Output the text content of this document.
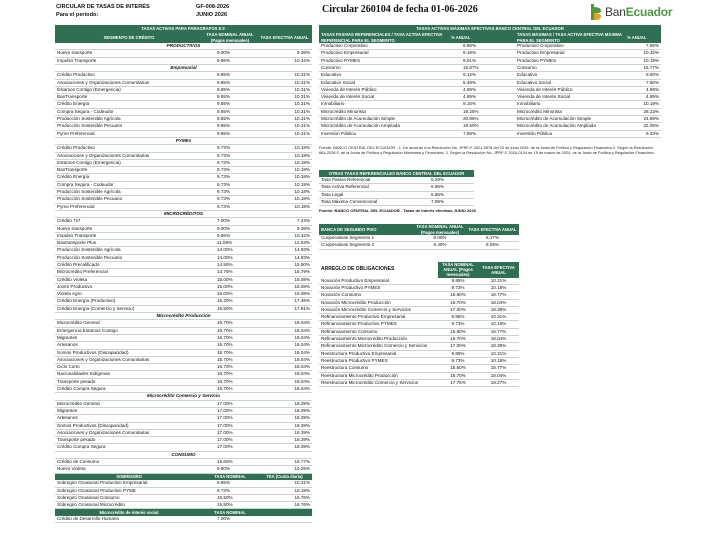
CIRCULAR DE TASAS DE INTERÉS	GF-008-2026
Para el período:	JUNIO 2026	Circular 260104 de fecha 01-06-2026	BanEcuador
TASAS ACTIVAS PARA PARAGRAFOS E.F.		
SEGMENTO DE CRÉDITO	TASA NOMINAL ANUAL (Pagos mensuales)	TASA EFECTIVA ANUAL
PRODUCTIVOS		
Nuevo transporte	9.00%	9.38%
Impulso Transporte	9.86%	10.32%
Empresarial		
Crédito Productivo	9.85%	10.31%
Asociaciones y Organizaciones Comunitarias	9.85%	10.31%
Estamos Contigo (Emergencia)	9.85%	10.31%
BanTransporte	9.85%	10.31%
Crédito Energía	9.85%	10.31%
Compra Segura - Codeudor	9.85%	10.31%
Producción Sostenible Agrícola	9.85%	10.31%
Producción Sostenible Pecuario	9.85%	10.31%
Pyme Preferencial	9.85%	10.31%
PYMEs		
Crédito Productivo	9.73%	10.18%
Asociaciones y Organizaciones Comunitarias	9.73%	10.18%
Estamos Contigo (Emergencia)	9.73%	10.18%
BanTransporte	9.73%	10.18%
Crédito Energía	9.73%	10.18%
Compra Segura - Codeudor	9.73%	10.18%
Producción Sostenible Agrícola	9.73%	10.18%
Producción Sostenible Pecuario	9.73%	10.18%
Pyme Preferencial	9.73%	10.18%
MICROCRÉDITOS		
Crédito 7x7	7.00%	7.23%
Nuevo transporte	9.00%	9.38%
Impulso Transporte	9.86%	10.32%
Bantransporte Plus	11.86%	12.53%
Producción Sostenible Agrícola	14.00%	14.93%
Producción Sostenible Pecuario	14.00%	14.93%
Crédito Precalificado	14.50%	15.50%
Microcrédito Preferencial	14.75%	15.79%
Crédito Violeta	15.00%	16.08%
Joven Productivo	15.00%	16.08%
Violeta Agro	15.00%	16.08%
Crédito Energía (Productivo)	16.20%	17.46%
Crédito Energía (Comercio y Servicio)	16.50%	17.81%
Microcrédito Producción		
Microcrédito General	16.70%	18.04%
Emergencia Estamos Contigo	16.70%	18.04%
Migrantes	16.70%	18.04%
Artesanos	16.70%	18.04%
Somos Productivos (Discapacidad)	16.70%	18.04%
Asociaciones y Organizaciones Comunitarias	16.70%	18.04%
Ciclo Corto	16.70%	18.04%
Nacionalidades Indígenas	16.70%	18.04%
Transporte pesado	16.70%	18.04%
Crédito Compra Segura	16.70%	18.04%
Microcrédito Comercio y Servicio		
Microcrédito General	17.00%	18.39%
Migrantes	17.00%	18.39%
Artesanos	17.00%	18.39%
Somos Productivos (Discapacidad)	17.00%	18.39%
Asociaciones y Organizaciones Comunitarias	17.00%	18.39%
Transporte pesado	17.00%	18.39%
Crédito Compra Segura	17.00%	18.39%
CONSUMO		
Crédito de Consumo	15.60%	16.77%
Nuevo Violeta	9.80%	10.25%
SOBREGIRO	TASA NOMINAL	TEA (Cuota diaria)
Sobregiro Ocasional Productivo Empresarial	9.85%	10.31%
Sobregiro Ocasional Productivo PYME	9.73%	10.18%
Sobregiro Ocasional Consumo	15.50%	16.76%
Sobregiro Ocasional Microcrédito	15.50%	16.76%
Microcrédito de interés social	TASA NOMINAL	
Crédito de Desarrollo Humano	7.00%	
TASAS ACTIVAS MÁXIMAS EFECTIVAS BANCO CENTRAL DEL ECUADOR			
TASAS PASIVAS REFERENCIALES / TASA ACTIVA EFECTIVA REFERENCIAL PARA EL SEGMENTO	% ANUAL	TASAS MÁXIMAS / TASA ACTIVA EFECTIVA MÁXIMA PARA EL SEGMENTO	% ANUAL
Productivo Corporativo	6.85%	Productivo Corporativo	7.99%
Productivo Empresarial	9.19%	Productivo Empresarial	10.32%
Productivo PYMES	9.01%	Productivo PYMES	10.19%
Consumo	15.87%	Consumo	16.77%
Educativo	9.12%	Educativo	9.50%
Educativo Social	5.49%	Educativo Social	7.50%
Vivienda de Interés Público	4.99%	Vivienda de Interés Público	4.99%
Vivienda de Interés Social	4.99%	Vivienda de Interés Social	4.99%
Inmobiliario	9.16%	Inmobiliario	10.19%
Microcrédito Minorista	19.25%	Microcrédito Minorista	28.23%
Microcrédito de Acumulación Simple	20.85%	Microcrédito de Acumulación Simple	24.89%
Microcrédito de Acumulación Ampliada	18.50%	Microcrédito de Acumulación Ampliada	22.05%
Inversión Pública	7.89%	Inversión Pública	9.33%
Fuente: BANCO CENTRAL DEL ECUADOR - 1. De acuerdo a la Resolución No. JPRF-F-2021-0978 del 23 de junio 2026. de la Junta de Política y Regulación Financiera 2. Según la Resolución 664-2026-F, de la Junta de Política y Regulación Monetaria y Financiera, 3. Según la Resolución No. JPRF-F-2024-0104 de 15 de marzo de 2024, de la Junta de Política y Regulación Financiera.
OTRAS TASAS REFERENCIALES BANCO CENTRAL DEL ECUADOR	
Tasa Pasiva Referencial	5.29%
Tasa Activa Referencial	6.85%
Tasa Legal	6.85%
Tasa Máxima Convencional	7.99%
Fuente: BANCO CENTRAL DEL ECUADOR - Tasas de interés efectivas JUNIO 2026
BANCA DE SEGUNDO PISO	TASA NOMINAL ANUAL (Pagos mensuales)	TASA EFECTIVA ANUAL
Cooperativas Segmento 1	6.00%	6.17%
Cooperativas Segmento 2	6.40%	6.59%
ARREGLO DE OBLIGACIONES	TASA NOMINAL ANUAL (Pagos mensuales)	TASA EFECTIVA ANUAL
Novación Productivo Empresarial	9.85%	10.31%
Novación Productivo PYMES	9.73%	10.18%
Novación Consumo	15.60%	16.77%
Novación Microcrédito Producción	16.70%	18.04%
Novación Microcrédito Comercio y Servicios	17.00%	18.39%
Refinanciamiento Productivo Empresarial	9.85%	10.31%
Refinanciamiento Productivo PYMES	9.73%	10.18%
Refinanciamiento Consumo	15.60%	16.77%
Refinanciamiento Microcrédito Producción	16.70%	18.04%
Refinanciamiento Microcrédito Comercio y Servicios	17.00%	18.39%
Reestructura Productivo Empresarial	9.85%	10.31%
Reestructura Productivo PYMES	9.73%	10.18%
Reestructura Consumo	15.60%	16.77%
Reestructura Microcrédito Producción	16.70%	18.04%
Reestructura Microcrédito Comercio y Servicios	17.75%	19.27%
